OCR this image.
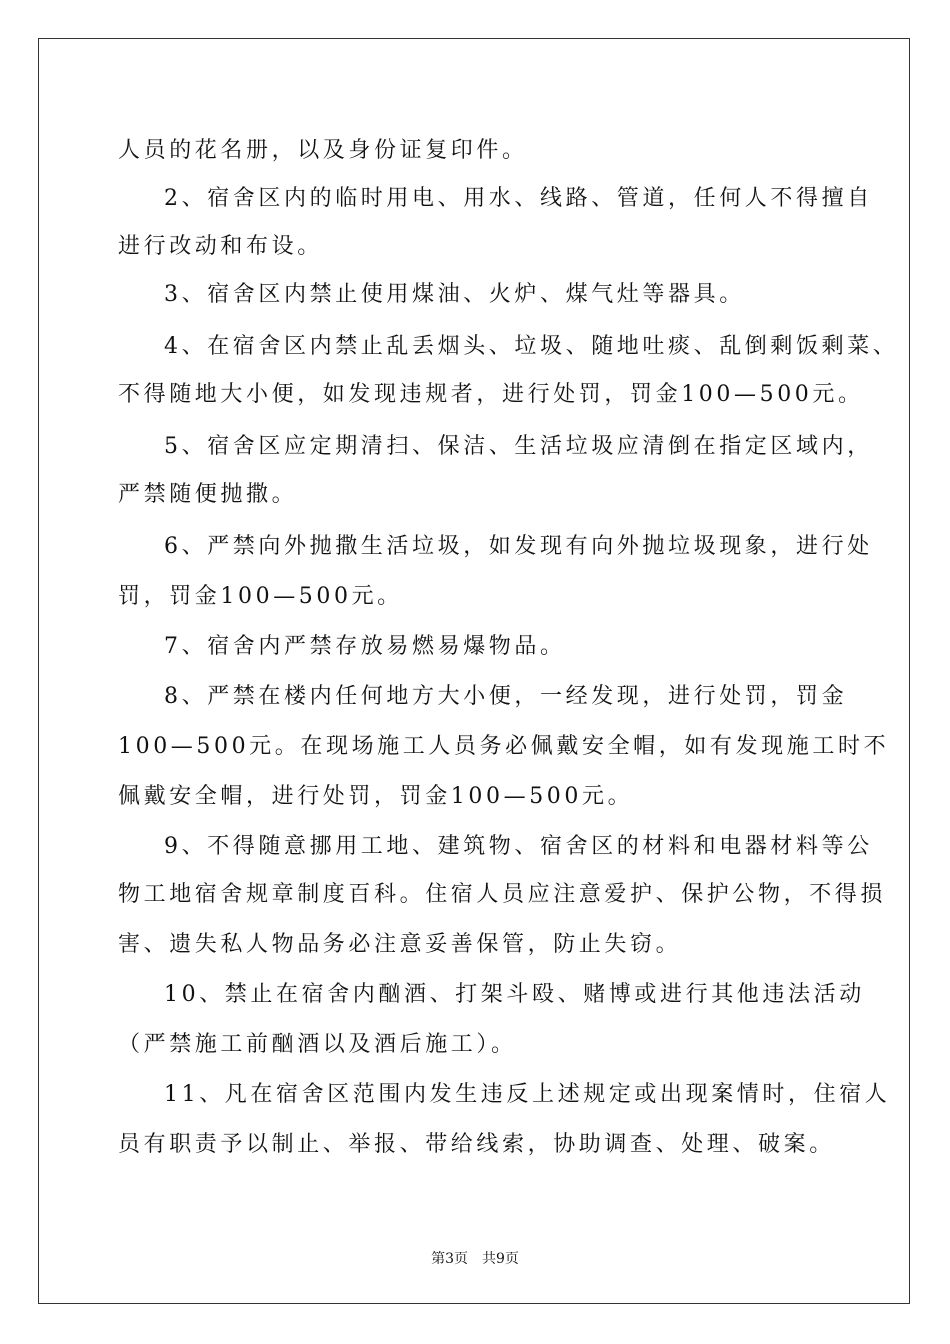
人员的花名册，以及身份证复印件。
2、宿舍区内的临时用电、用水、线路、管道，任何人不得擅自
进行改动和布设。
3、宿舍区内禁止使用煤油、火炉、煤气灶等器具。
4、在宿舍区内禁止乱丢烟头、垃圾、随地吐痰、乱倒剩饭剩菜、
不得随地大小便，如发现违规者，进行处罚，罚金100—500元。
5、宿舍区应定期清扫、保洁、生活垃圾应清倒在指定区域内，
严禁随便抛撒。
6、严禁向外抛撒生活垃圾，如发现有向外抛垃圾现象，进行处
罚，罚金100—500元。
7、宿舍内严禁存放易燃易爆物品。
8、严禁在楼内任何地方大小便，一经发现，进行处罚，罚金
100—500元。在现场施工人员务必佩戴安全帽，如有发现施工时不
佩戴安全帽，进行处罚，罚金100—500元。
9、不得随意挪用工地、建筑物、宿舍区的材料和电器材料等公
物工地宿舍规章制度百科。住宿人员应注意爱护、保护公物，不得损
害、遗失私人物品务必注意妥善保管，防止失窃。
10、禁止在宿舍内酗酒、打架斗殴、赌博或进行其他违法活动
（严禁施工前酗酒以及酒后施工）。
11、凡在宿舍区范围内发生违反上述规定或出现案情时，住宿人
员有职责予以制止、举报、带给线索，协助调查、处理、破案。
第3页　共9页
